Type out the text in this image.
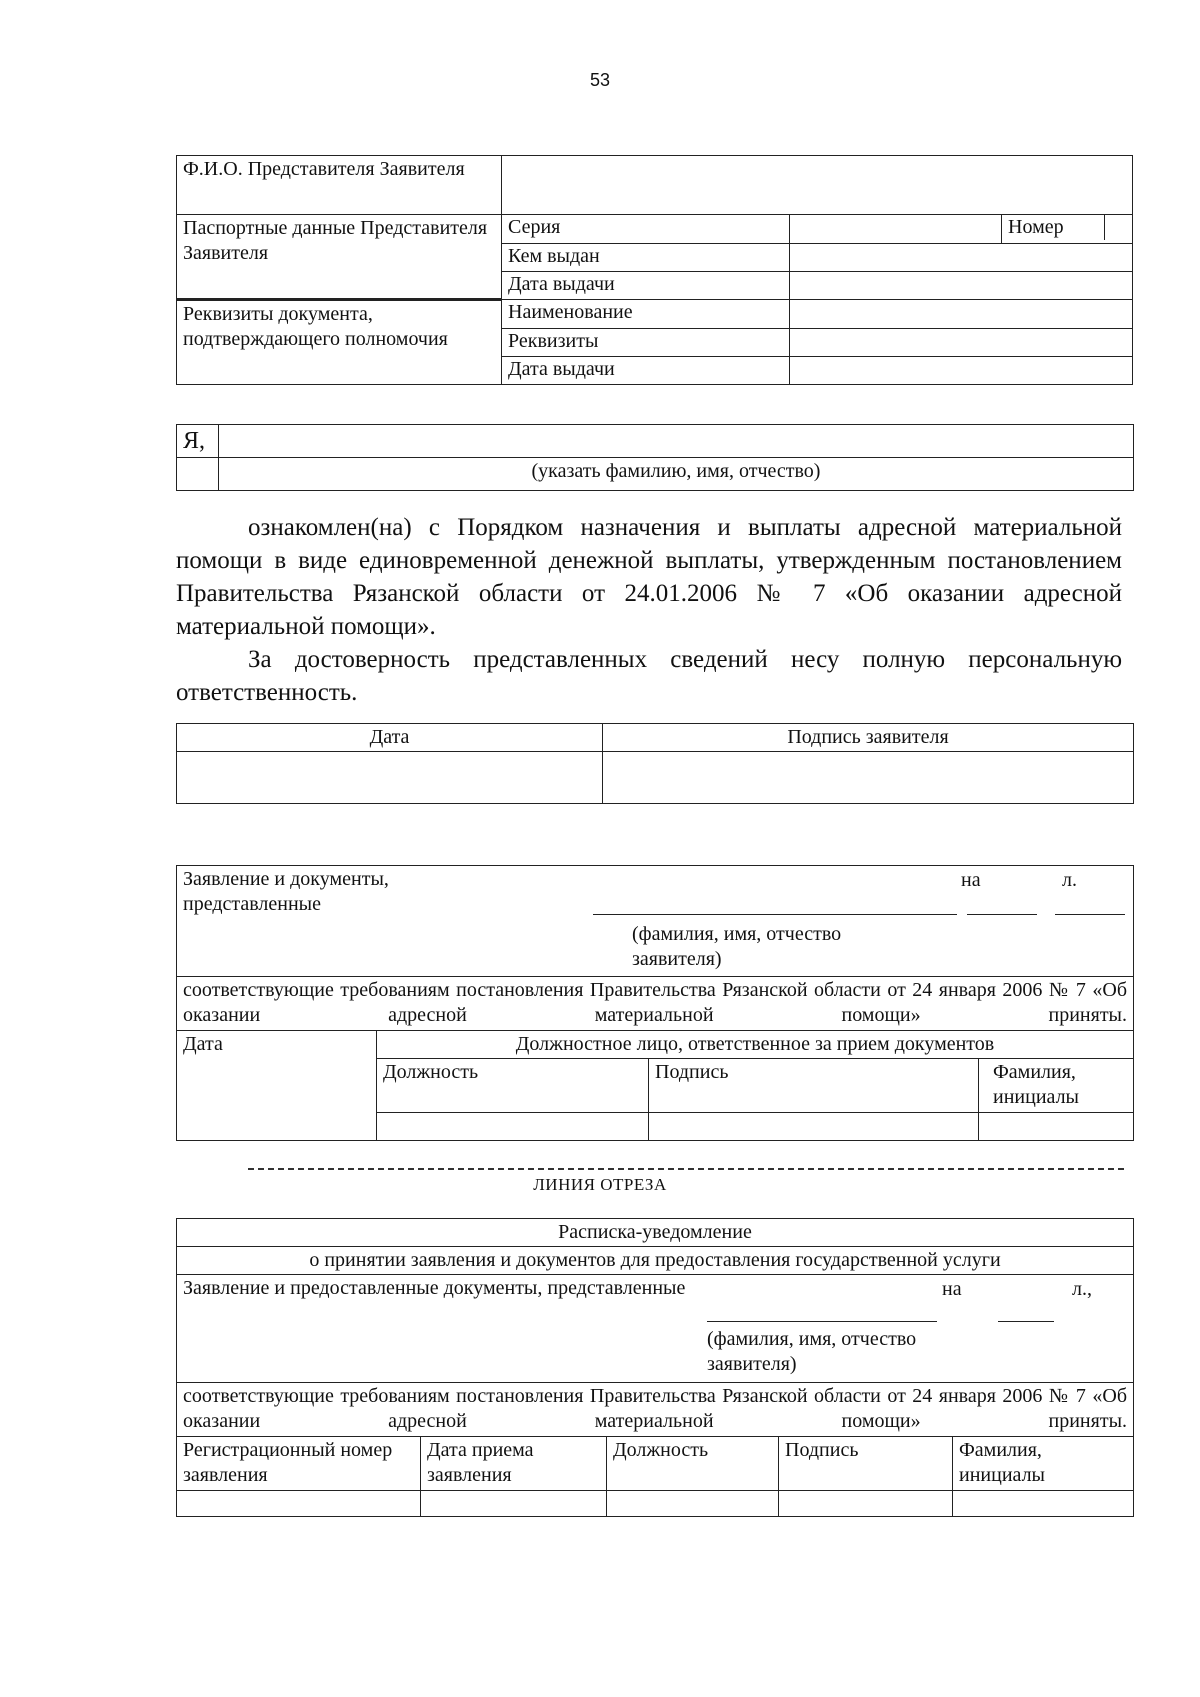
53
Ф.И.О. Представителя Заявителя			
Паспортные данные Представителя Заявителя	Серия		Номер
	Кем выдан		
	Дата выдачи		
Реквизиты документа, подтверждающего полномочия	Наименование		
	Реквизиты		
	Дата выдачи		
Я,	
	(указать фамилию, имя, отчество)
ознакомлен(на) с Порядком назначения и выплаты адресной материальной помощи в виде единовременной денежной выплаты, утвержденным постановлением Правительства Рязанской области от 24.01.2006 № 7 «Об оказании адресной материальной помощи».
За достоверность представленных сведений несу полную персональную ответственность.
Дата	Подпись заявителя

Заявление и документы, представленные
на л.
(фамилия, имя, отчество заявителя)			

соответствующие требованиям постановления Правительства Рязанской области от 24 января 2006 № 7 «Об оказании адресной материальной помощи» приняты.			
Дата	Должностное лицо, ответственное за прием документов		
	Должность	Подпись	Фамилия, инициалы

ЛИНИЯ ОТРЕЗА
Расписка-уведомление				
о принятии заявления и документов для предоставления государственной услуги				

Заявление и предоставленные документы, представленные на л.,
(фамилия, имя, отчество заявителя)				

соответствующие требованиям постановления Правительства Рязанской области от 24 января 2006 № 7 «Об оказании адресной материальной помощи» приняты.				
Регистрационный номер заявления	Дата приема заявления	Должность	Подпись	Фамилия, инициалы
